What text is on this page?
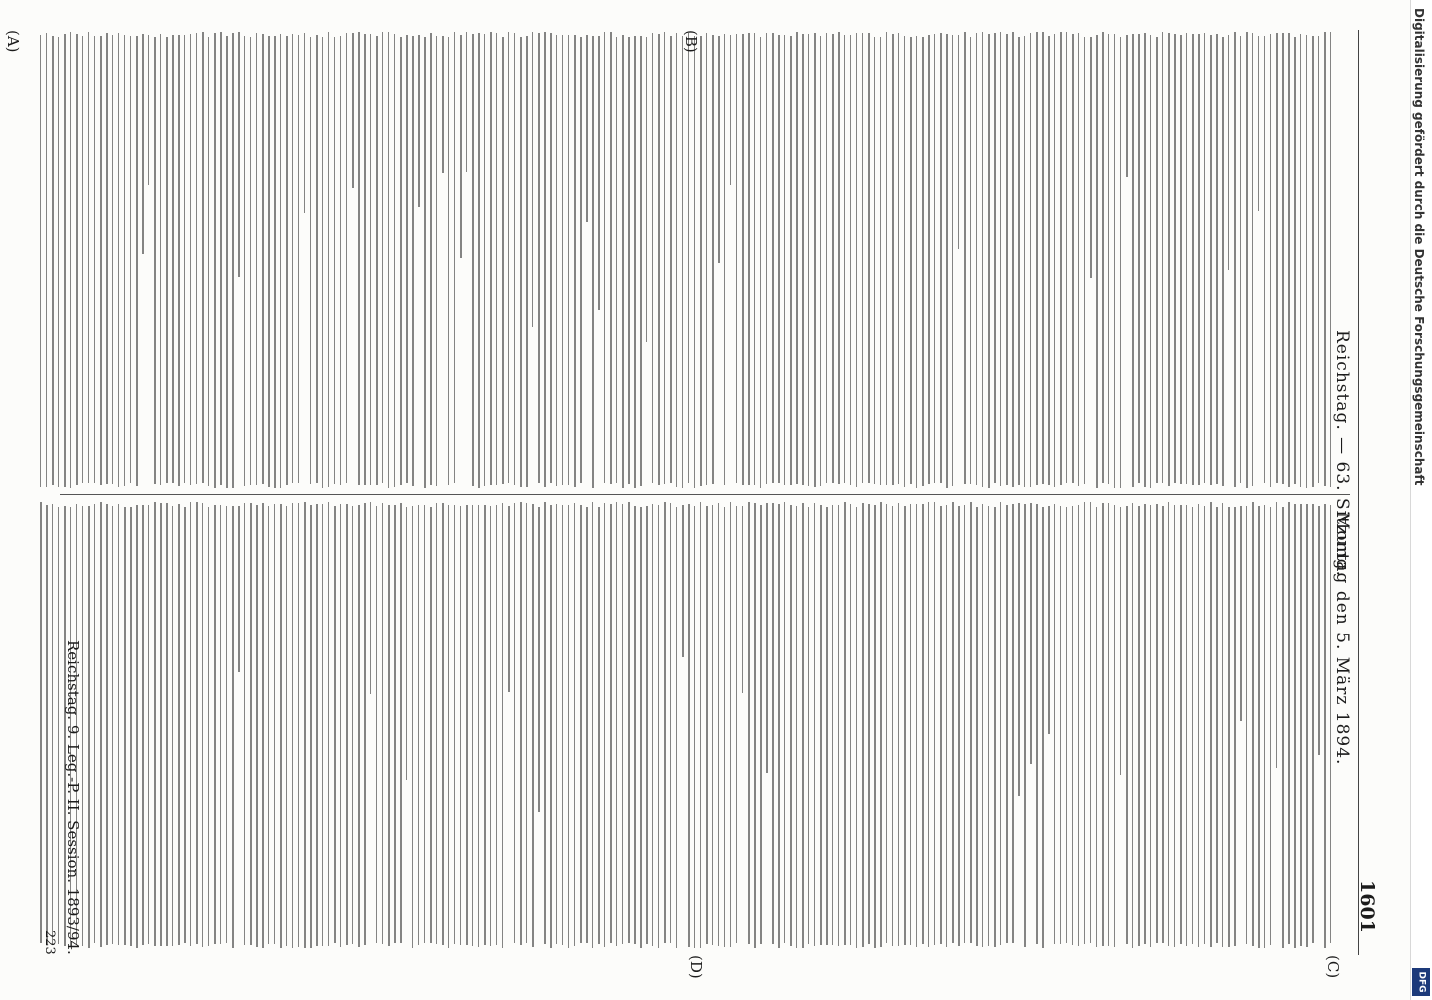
Reichstag. — 63. Sitzung.
Montag den 5. März 1894.
1601
(A)	(B)
(C)
(D)
Reichstag. 9. Leg.-P. II. Session. 1893/94.
223
Digitalisierung gefördert durch die Deutsche Forschungsgemeinschaft
DFG
